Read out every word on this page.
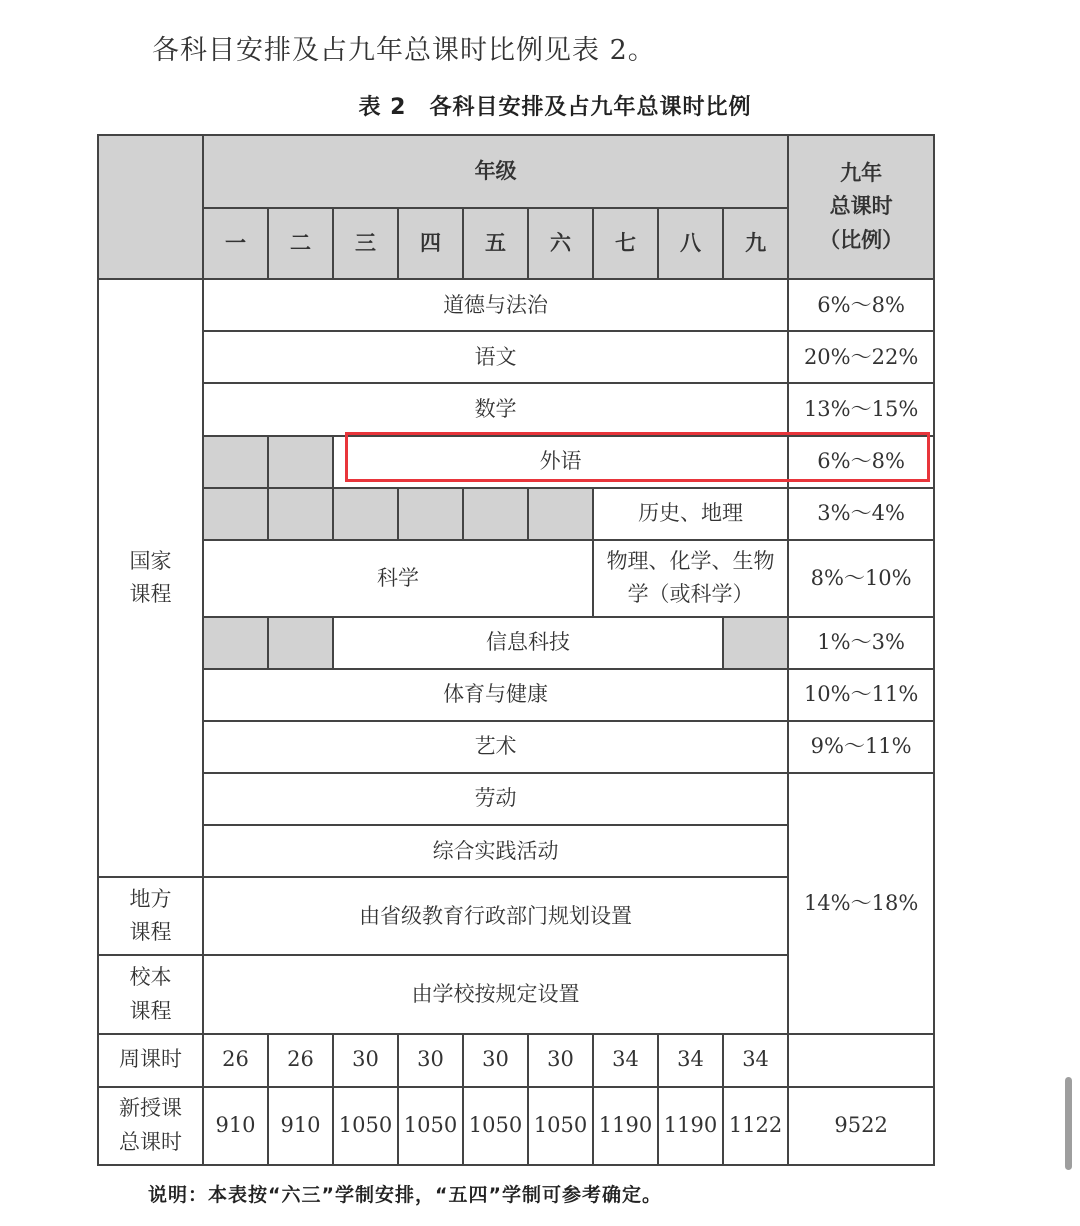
各科目安排及占九年总课时比例见表 2。
表 2　各科目安排及占九年总课时比例
	年级									九年
总课时
（比例）

	一	二	三	四	五	六	七	八	九	

国家
课程	道德与法治									6%～8%
	语文									20%～22%
	数学									13%～15%
			外语							6%～8%
							历史、地理			3%～4%
	科学						物理、化学、生物
学（或科学）			8%～10%
			信息科技							1%～3%
	体育与健康									10%～11%
	艺术									9%～11%
	劳动									14%～18%
	综合实践活动									

地方
课程	由省级教育行政部门规划设置									

校本
课程	由学校按规定设置									
周课时	26	26	30	30	30	30	34	34	34	

新授课
总课时	910	910	1050	1050	1050	1050	1190	1190	1122	9522
说明：本表按“六三”学制安排，“五四”学制可参考确定。
